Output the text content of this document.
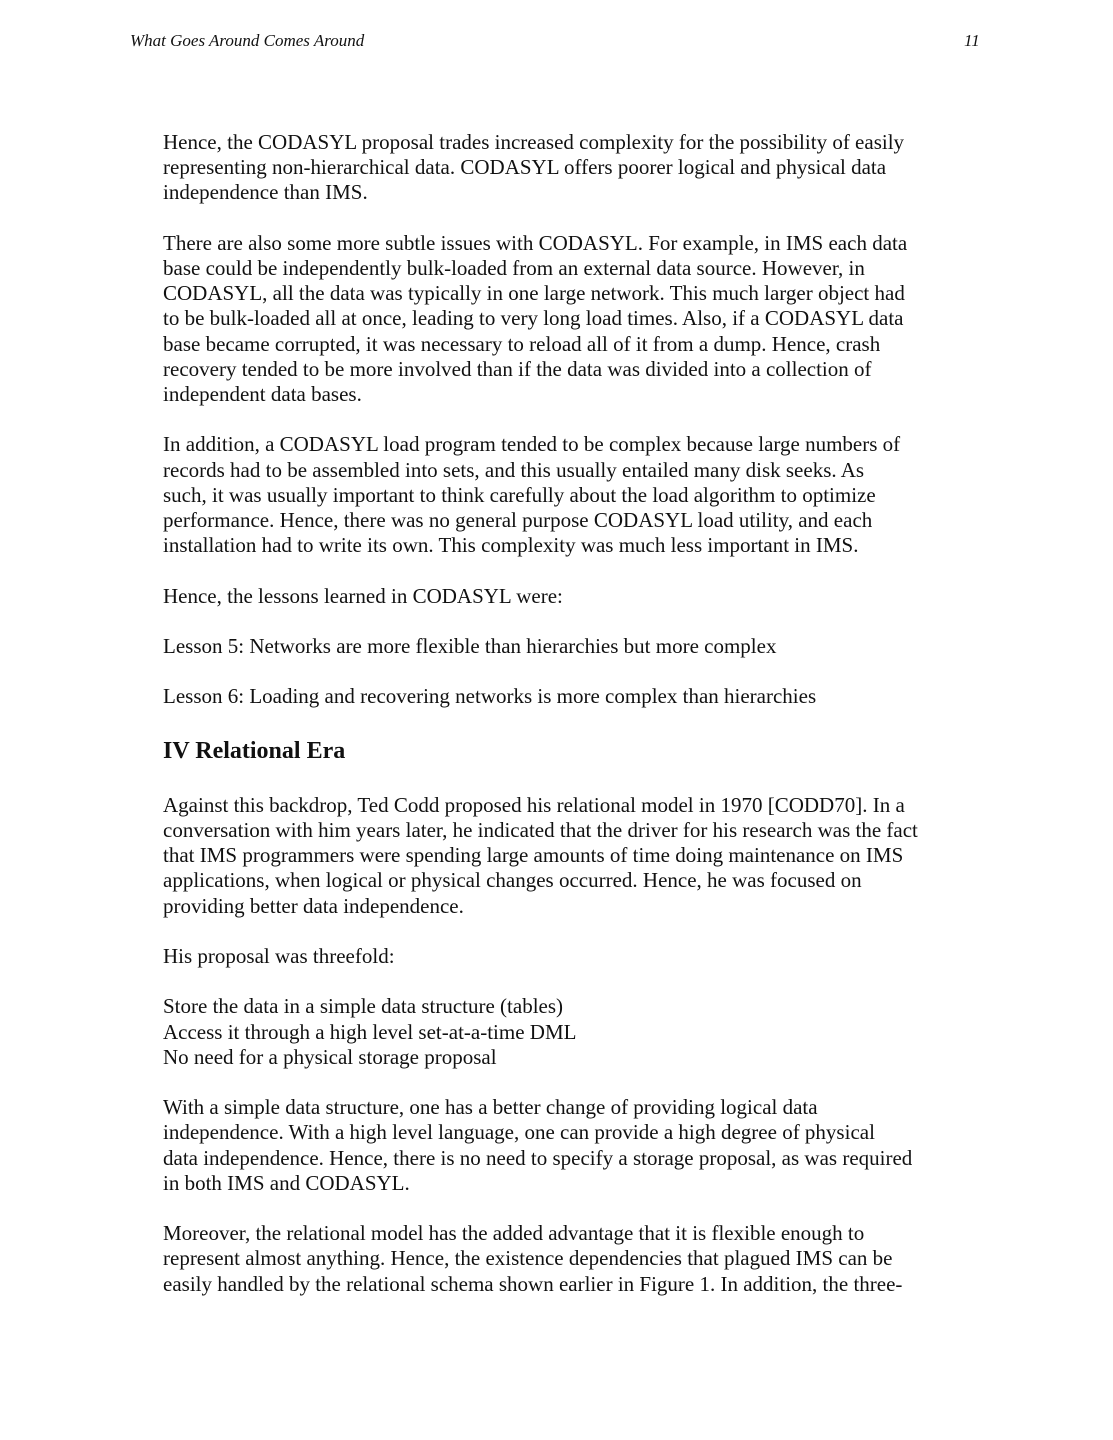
What Goes Around Comes Around	11
Hence, the CODASYL proposal trades increased complexity for the possibility of easily
representing non-hierarchical data. CODASYL offers poorer logical and physical data
independence than IMS.
There are also some more subtle issues with CODASYL. For example, in IMS each data
base could be independently bulk-loaded from an external data source. However, in
CODASYL, all the data was typically in one large network. This much larger object had
to be bulk-loaded all at once, leading to very long load times. Also, if a CODASYL data
base became corrupted, it was necessary to reload all of it from a dump. Hence, crash
recovery tended to be more involved than if the data was divided into a collection of
independent data bases.
In addition, a CODASYL load program tended to be complex because large numbers of
records had to be assembled into sets, and this usually entailed many disk seeks. As
such, it was usually important to think carefully about the load algorithm to optimize
performance. Hence, there was no general purpose CODASYL load utility, and each
installation had to write its own. This complexity was much less important in IMS.
Hence, the lessons learned in CODASYL were:
Lesson 5: Networks are more flexible than hierarchies but more complex
Lesson 6: Loading and recovering networks is more complex than hierarchies
IV Relational Era
Against this backdrop, Ted Codd proposed his relational model in 1970 [CODD70]. In a
conversation with him years later, he indicated that the driver for his research was the fact
that IMS programmers were spending large amounts of time doing maintenance on IMS
applications, when logical or physical changes occurred. Hence, he was focused on
providing better data independence.
His proposal was threefold:
Store the data in a simple data structure (tables)
Access it through a high level set-at-a-time DML
No need for a physical storage proposal
With a simple data structure, one has a better change of providing logical data
independence. With a high level language, one can provide a high degree of physical
data independence. Hence, there is no need to specify a storage proposal, as was required
in both IMS and CODASYL.
Moreover, the relational model has the added advantage that it is flexible enough to
represent almost anything. Hence, the existence dependencies that plagued IMS can be
easily handled by the relational schema shown earlier in Figure 1. In addition, the three-
